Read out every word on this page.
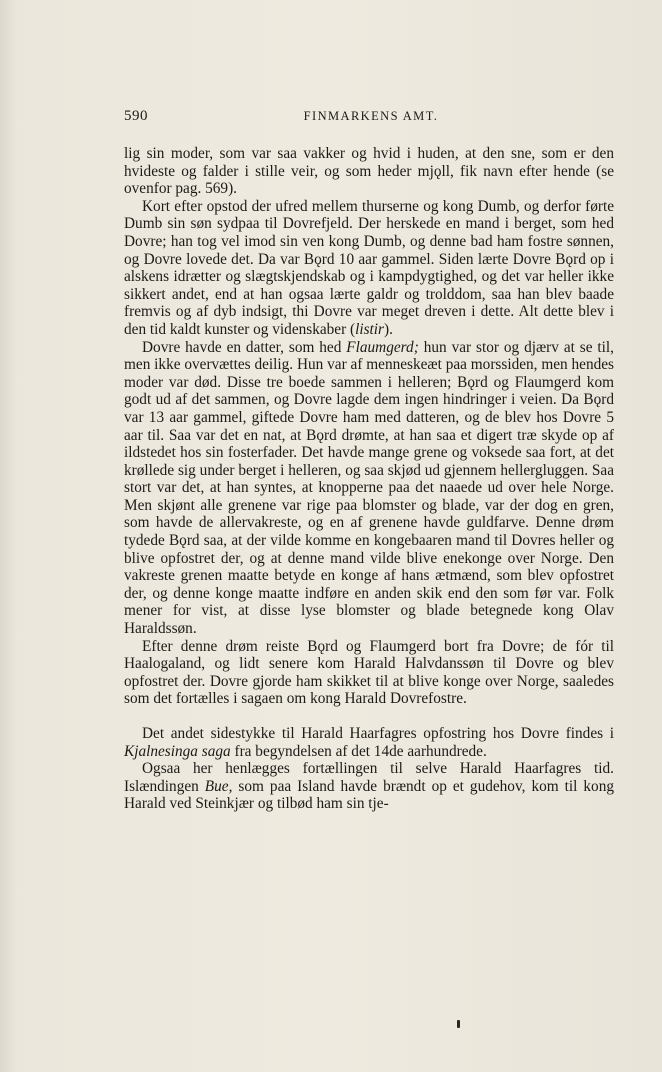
590	FINMARKENS AMT.

lig sin moder, som var saa vakker og hvid i huden, at den sne, som er den hvideste og falder i stille veir, og som heder mjǫll, fik navn efter hende (se ovenfor pag. 569).

Kort efter opstod der ufred mellem thurserne og kong Dumb, og derfor førte Dumb sin søn sydpaa til Dovrefjeld. Der herskede en mand i berget, som hed Dovre; han tog vel imod sin ven kong Dumb, og denne bad ham fostre sønnen, og Dovre lovede det. Da var Bǫrd 10 aar gammel. Siden lærte Dovre Bǫrd op i alskens idrætter og slægtskjendskab og i kampdygtighed, og det var heller ikke sikkert andet, end at han ogsaa lærte galdr og trolddom, saa han blev baade fremvis og af dyb indsigt, thi Dovre var meget dreven i dette. Alt dette blev i den tid kaldt kunster og videnskaber (listir).

Dovre havde en datter, som hed Flaumgerd; hun var stor og djærv at se til, men ikke overvættes deilig. Hun var af menneskeæt paa morssiden, men hendes moder var død. Disse tre boede sammen i helleren; Bǫrd og Flaumgerd kom godt ud af det sammen, og Dovre lagde dem ingen hindringer i veien. Da Bǫrd var 13 aar gammel, giftede Dovre ham med datteren, og de blev hos Dovre 5 aar til. Saa var det en nat, at Bǫrd drømte, at han saa et digert træ skyde op af ildstedet hos sin fosterfader. Det havde mange grene og voksede saa fort, at det krøllede sig under berget i helleren, og saa skjød ud gjennem hellergluggen. Saa stort var det, at han syntes, at knopperne paa det naaede ud over hele Norge. Men skjønt alle grenene var rige paa blomster og blade, var der dog en gren, som havde de allervakreste, og en af grenene havde guldfarve. Denne drøm tydede Bǫrd saa, at der vilde komme en kongebaaren mand til Dovres heller og blive opfostret der, og at denne mand vilde blive enekonge over Norge. Den vakreste grenen maatte betyde en konge af hans ætmænd, som blev opfostret der, og denne konge maatte indføre en anden skik end den som før var. Folk mener for vist, at disse lyse blomster og blade betegnede kong Olav Haraldssøn.

Efter denne drøm reiste Bǫrd og Flaumgerd bort fra Dovre; de fór til Haalogaland, og lidt senere kom Harald Halvdanssøn til Dovre og blev opfostret der. Dovre gjorde ham skikket til at blive konge over Norge, saaledes som det fortælles i sagaen om kong Harald Dovrefostre.

Det andet sidestykke til Harald Haarfagres opfostring hos Dovre findes i Kjalnesinga saga fra begyndelsen af det 14de aarhundrede.

Ogsaa her henlægges fortællingen til selve Harald Haarfagres tid. Islændingen Bue, som paa Island havde brændt op et gudehov, kom til kong Harald ved Steinkjær og tilbød ham sin tje-
